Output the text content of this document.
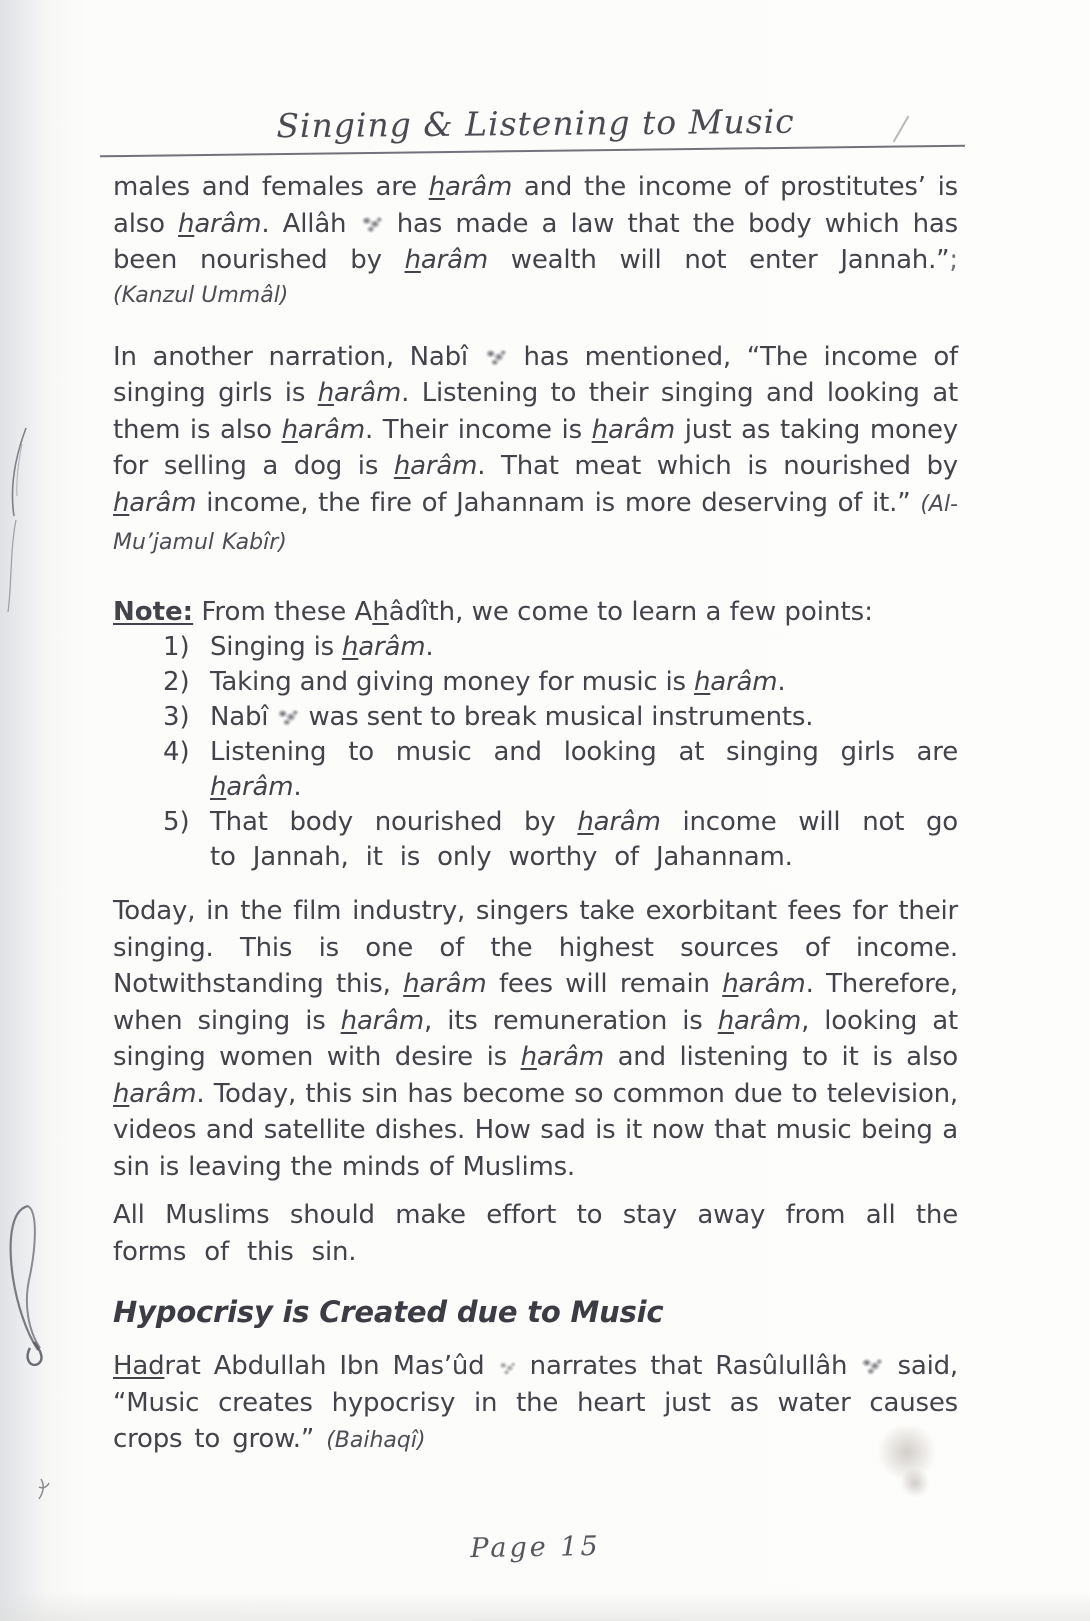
Singing & Listening to Music

males and females are harâm and the income of prostitutes’ is also harâm. Allâh  has made a law that the body which has been nourished by harâm wealth will not enter Jannah.”;

(Kanzul Ummâl)

In another narration, Nabî  has mentioned, “The income of singing girls is harâm. Listening to their singing and looking at them is also harâm. Their income is harâm just as taking money for selling a dog is harâm. That meat which is nourished by harâm income, the fire of Jahannam is more deserving of it.” (Al-Mu’jamul Kabîr)

Note: From these Ahâdîth, we come to learn a few points:

1) Singing is harâm.
2) Taking and giving money for music is harâm.
3) Nabî  was sent to break musical instruments.
4) Listening to music and looking at singing girls are harâm.
5) That body nourished by harâm income will not go to Jannah, it is only worthy of Jahannam.

Today, in the film industry, singers take exorbitant fees for their singing. This is one of the highest sources of income. Notwithstanding this, harâm fees will remain harâm. Therefore, when singing is harâm, its remuneration is harâm, looking at singing women with desire is harâm and listening to it is also harâm. Today, this sin has become so common due to television, videos and satellite dishes. How sad is it now that music being a sin is leaving the minds of Muslims.

All Muslims should make effort to stay away from all the forms of this sin.

Hypocrisy is Created due to Music

Hadrat Abdullah Ibn Mas’ûd  narrates that Rasûlullâh  said, “Music creates hypocrisy in the heart just as water causes crops to grow.” (Baihaqî)

Page 15
